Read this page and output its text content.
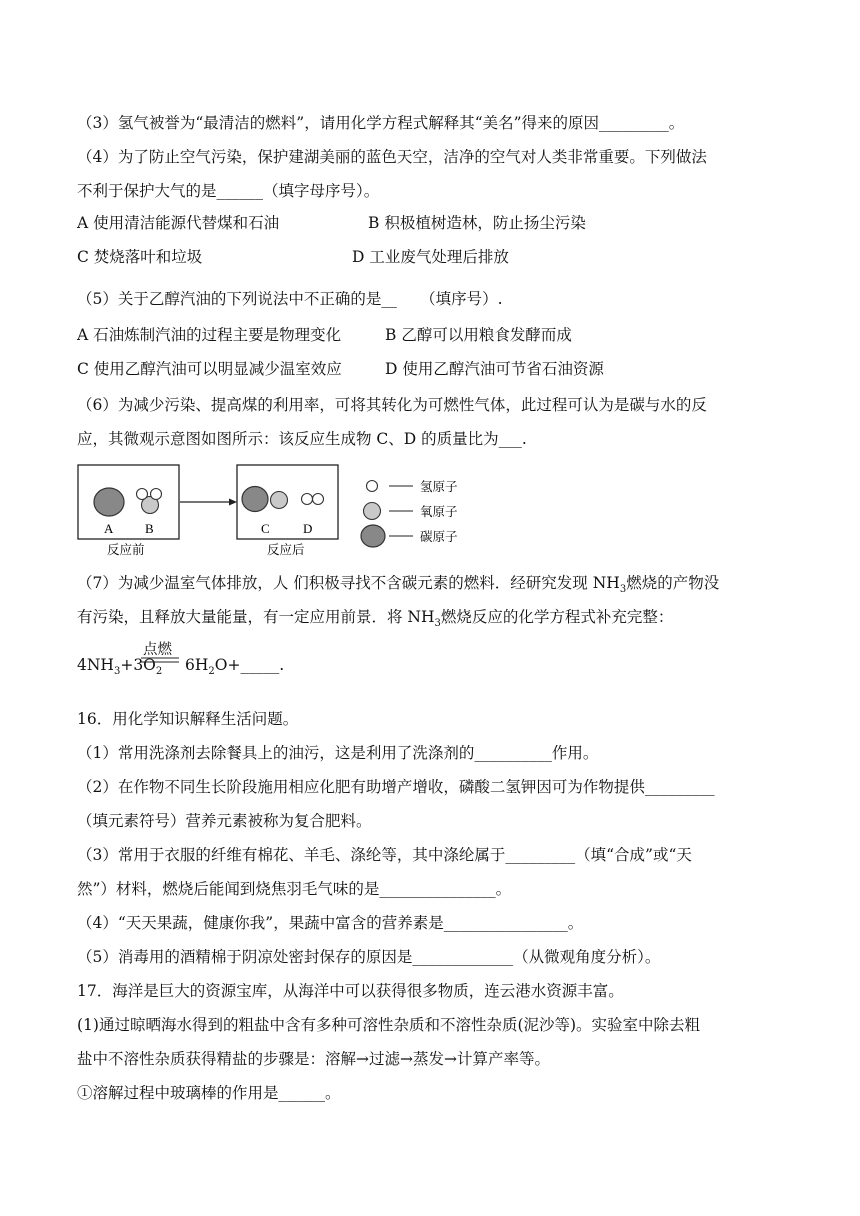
（3）氢气被誉为“最清洁的燃料”，请用化学方程式解释其“美名”得来的原因_________。
（4）为了防止空气污染，保护建湖美丽的蓝色天空，洁净的空气对人类非常重要。下列做法
不利于保护大气的是______（填字母序号）。
A 使用清洁能源代替煤和石油	B 积极植树造林，防止扬尘污染
C 焚烧落叶和垃圾	D 工业废气处理后排放
（5）关于乙醇汽油的下列说法中不正确的是__　　（填序号）.
A 石油炼制汽油的过程主要是物理变化	B 乙醇可以用粮食发酵而成
C 使用乙醇汽油可以明显减少温室效应	D 使用乙醇汽油可节省石油资源
（6）为减少污染、提高煤的利用率，可将其转化为可燃性气体，此过程可认为是碳与水的反
应，其微观示意图如图所示：该反应生成物 C、D 的质量比为___.
A B
反应前
C	D
反应后
氢原子
氧原子
碳原子
（7）为减少温室气体排放，人 们积极寻找不含碳元素的燃料．经研究发现 $NH_3$燃烧的产物没
有污染，且释放大量能量，有一定应用前景．将 $NH_3$燃烧反应的化学方程式补充完整：
$4NH_3+3O_2$
点燃
$6H_2O+\_\_\_\_\_$.
16．用化学知识解释生活问题。
（1）常用洗涤剂去除餐具上的油污，这是利用了洗涤剂的__________作用。
（2）在作物不同生长阶段施用相应化肥有助增产增收，磷酸二氢钾因可为作物提供_________
（填元素符号）营养元素被称为复合肥料。
（3）常用于衣服的纤维有棉花、羊毛、涤纶等，其中涤纶属于_________（填“合成”或“天
然”）材料，燃烧后能闻到烧焦羽毛气味的是_______________。
（4）“天天果蔬，健康你我”，果蔬中富含的营养素是________________。
（5）消毒用的酒精棉于阴凉处密封保存的原因是_____________（从微观角度分析）。
17．海洋是巨大的资源宝库，从海洋中可以获得很多物质，连云港水资源丰富。
(1)通过晾晒海水得到的粗盐中含有多种可溶性杂质和不溶性杂质(泥沙等)。实验室中除去粗
盐中不溶性杂质获得精盐的步骤是：溶解→过滤→蒸发→计算产率等。
①溶解过程中玻璃棒的作用是______。
